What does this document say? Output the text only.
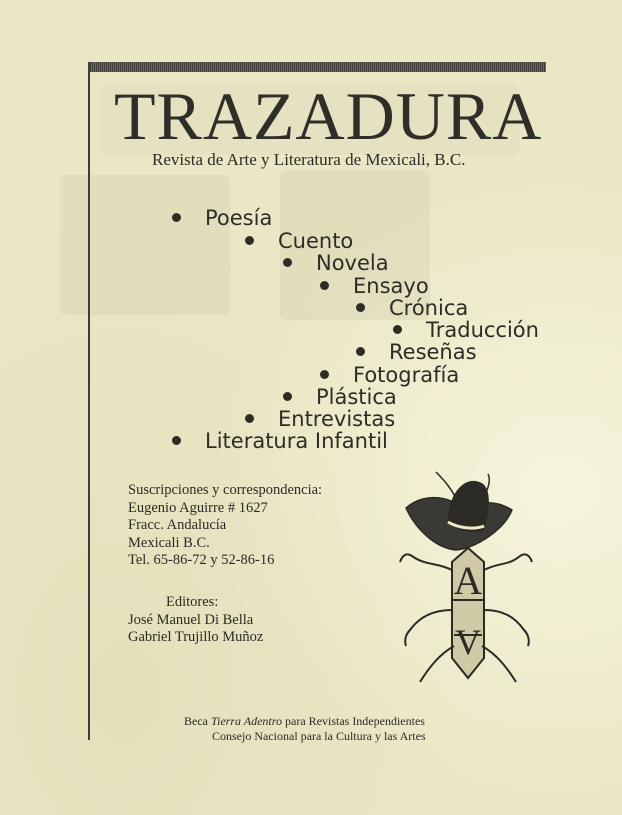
TRAZADURA
Revista de Arte y Literatura de Mexicali, B.C.
Poesía
Cuento
Novela
Ensayo
Crónica
Traducción
Reseñas
Fotografía
Plástica
Entrevistas
Literatura Infantil
Suscripciones y correspondencia:
Eugenio Aguirre # 1627
Fracc. Andalucía
Mexicali B.C.
Tel. 65-86-72 y 52-86-16
Editores:
José Manuel Di Bella
Gabriel Trujillo Muñoz
A
V
Beca Tierra Adentro para Revistas Independientes
Consejo Nacional para la Cultura y las Artes
